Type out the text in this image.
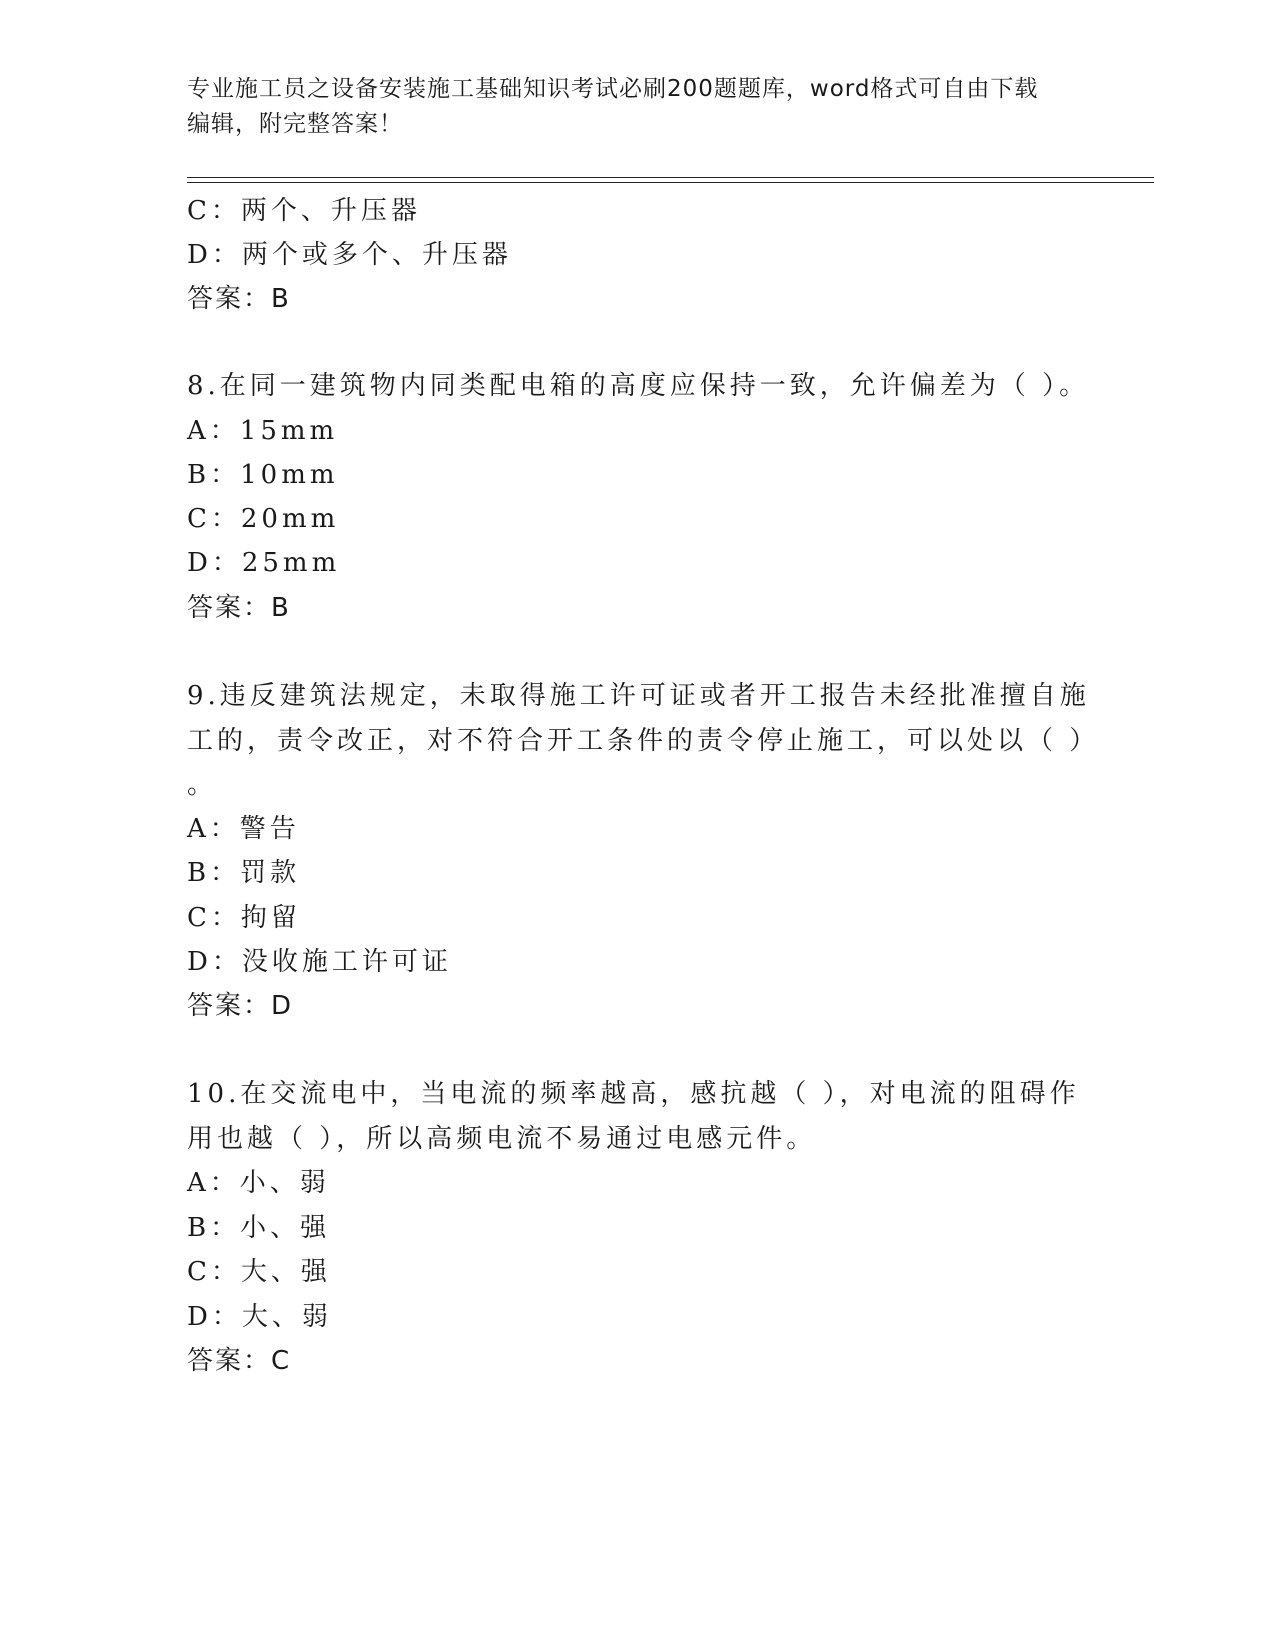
专业施工员之设备安装施工基础知识考试必刷200题题库，word格式可自由下载
编辑，附完整答案！
C：两个、升压器
D：两个或多个、升压器
答案：B
8.在同一建筑物内同类配电箱的高度应保持一致，允许偏差为（ ）。
A：15mm
B：10mm
C：20mm
D：25mm
答案：B
9.违反建筑法规定，未取得施工许可证或者开工报告未经批准擅自施
工的，责令改正，对不符合开工条件的责令停止施工，可以处以（ ）
。
A：警告
B：罚款
C：拘留
D：没收施工许可证
答案：D
10.在交流电中，当电流的频率越高，感抗越（ ），对电流的阻碍作
用也越（ ），所以高频电流不易通过电感元件。
A：小、弱
B：小、强
C：大、强
D：大、弱
答案：C
